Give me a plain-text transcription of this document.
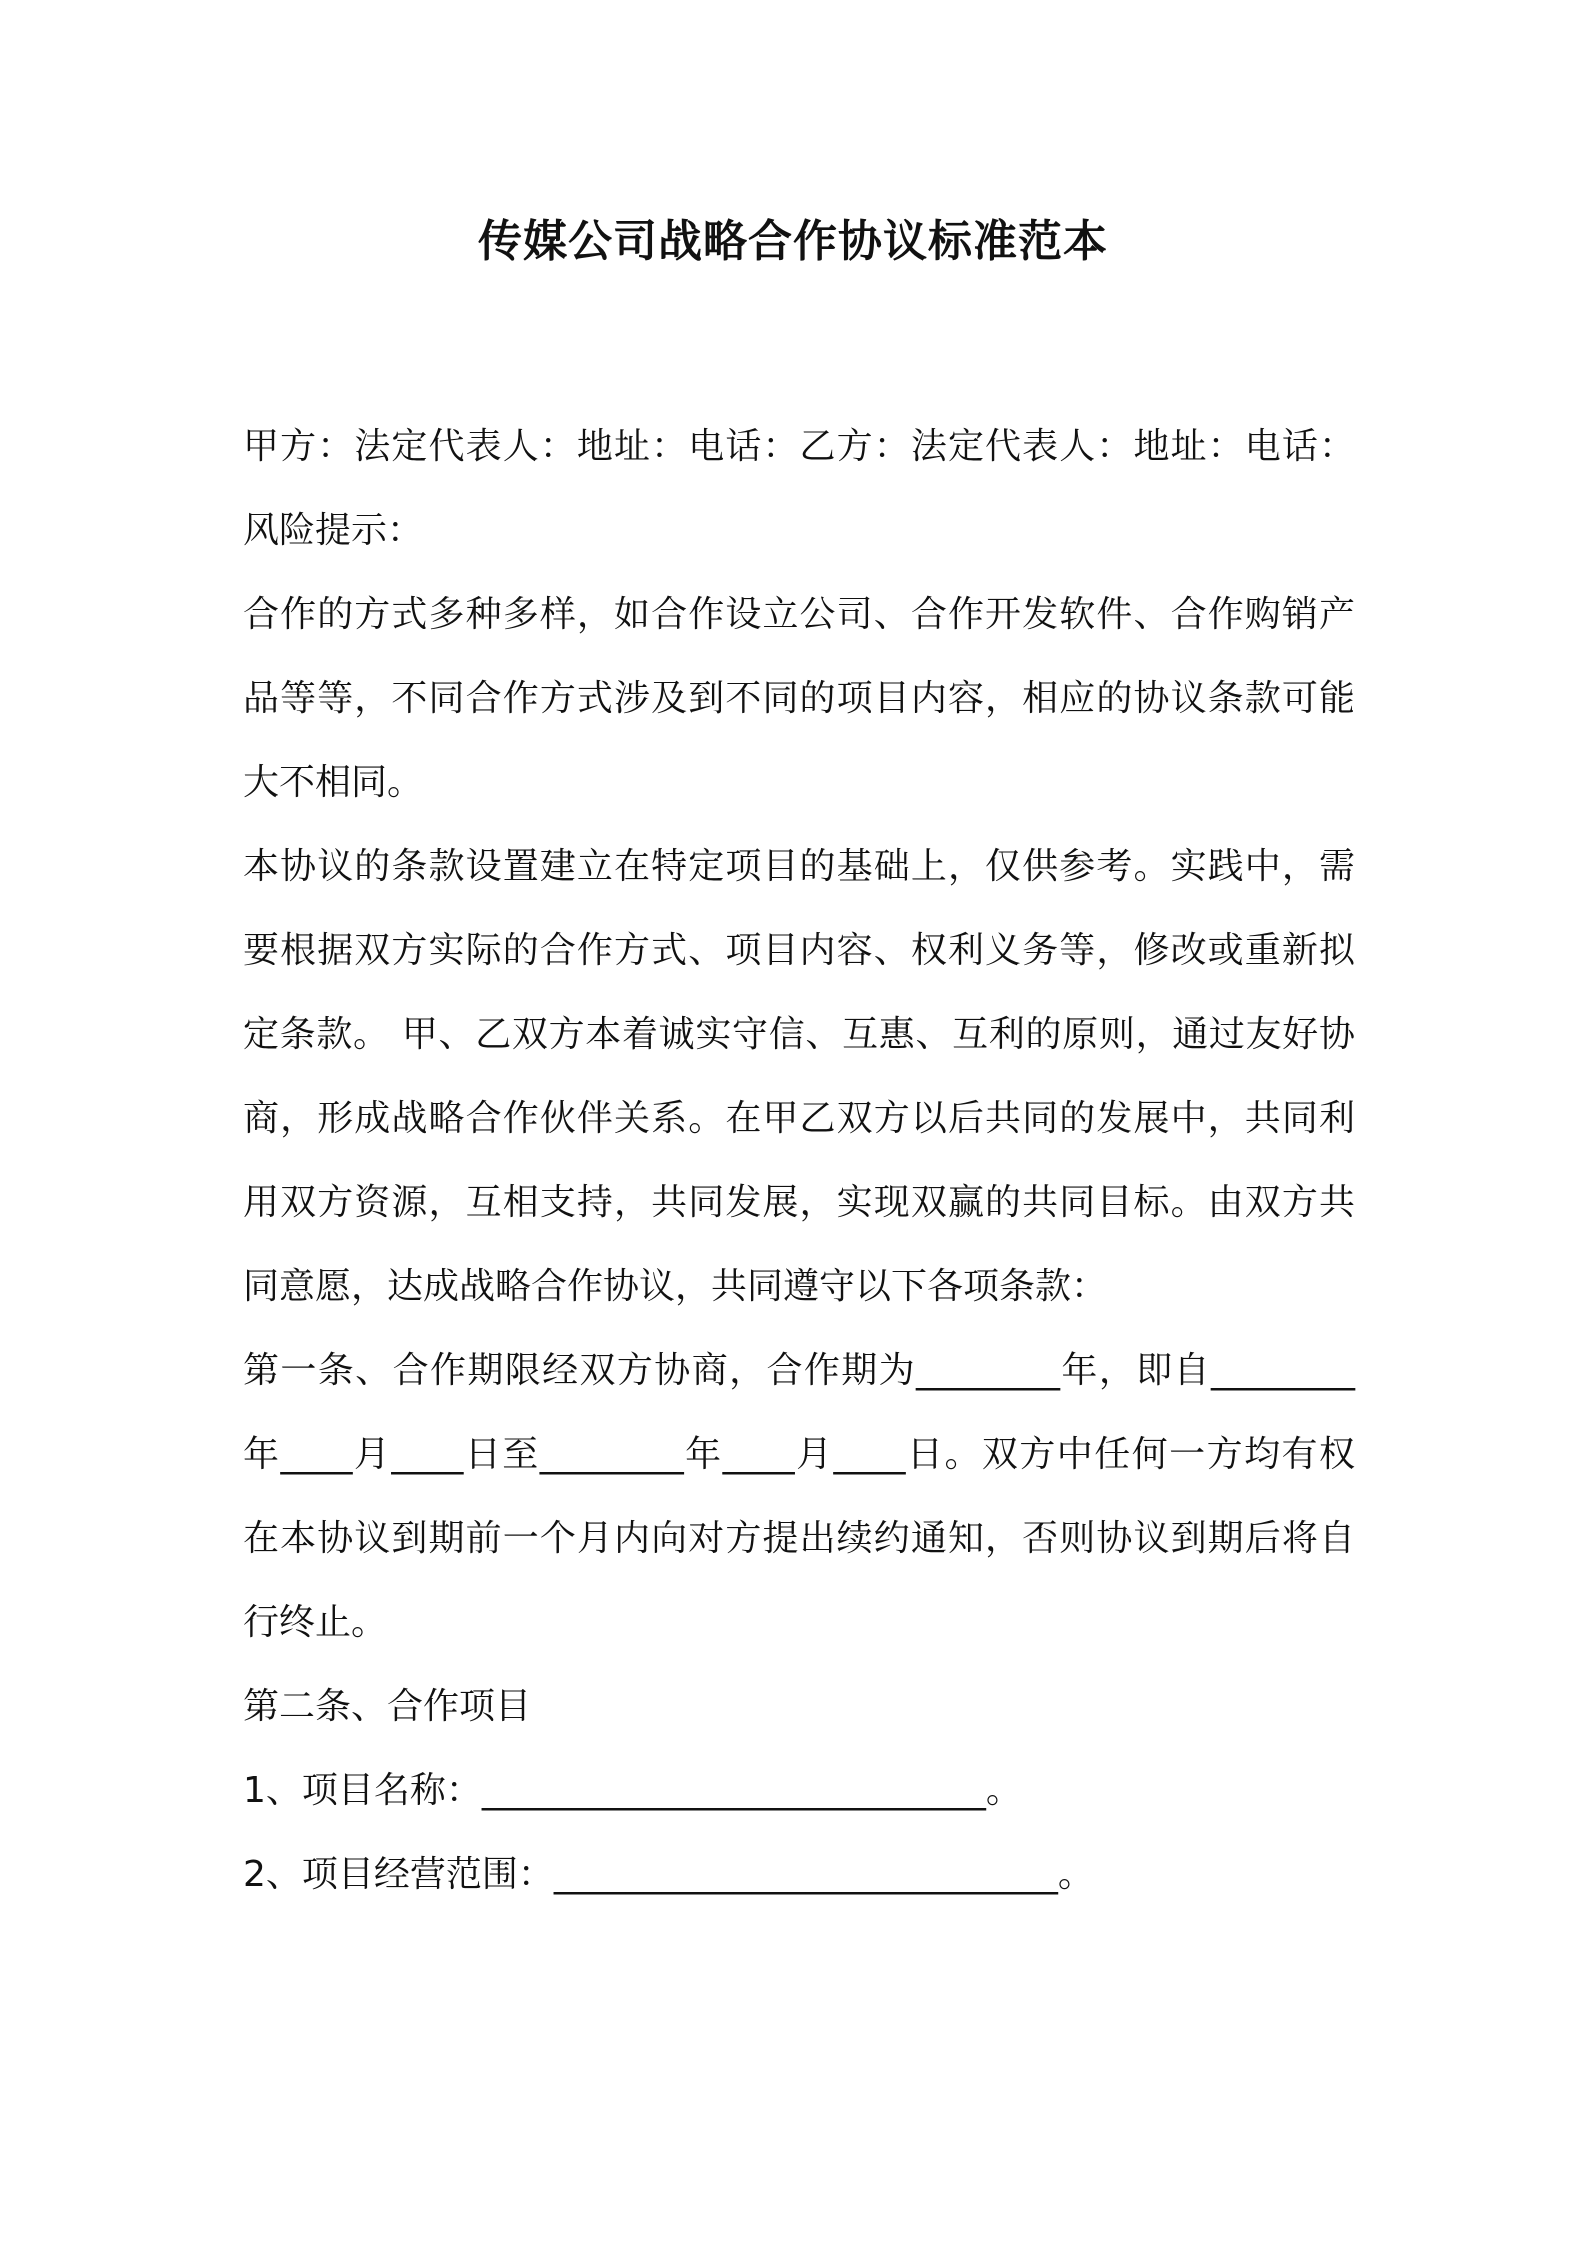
传媒公司战略合作协议标准范本

甲方：法定代表人：地址：电话：乙方：法定代表人：地址：电话：风险提示：

合作的方式多种多样，如合作设立公司、合作开发软件、合作购销产品等等，不同合作方式涉及到不同的项目内容，相应的协议条款可能大不相同。

本协议的条款设置建立在特定项目的基础上，仅供参考。实践中，需要根据双方实际的合作方式、项目内容、权利义务等，修改或重新拟定条款。 甲、乙双方本着诚实守信、互惠、互利的原则，通过友好协商，形成战略合作伙伴关系。在甲乙双方以后共同的发展中，共同利用双方资源，互相支持，共同发展，实现双赢的共同目标。由双方共同意愿，达成战略合作协议，共同遵守以下各项条款：

第一条、合作期限经双方协商，合作期为________年，即自________年____月____日至________年____月____日。双方中任何一方均有权在本协议到期前一个月内向对方提出续约通知，否则协议到期后将自行终止。

第二条、合作项目

1、项目名称：____________________________。

2、项目经营范围：____________________________。
